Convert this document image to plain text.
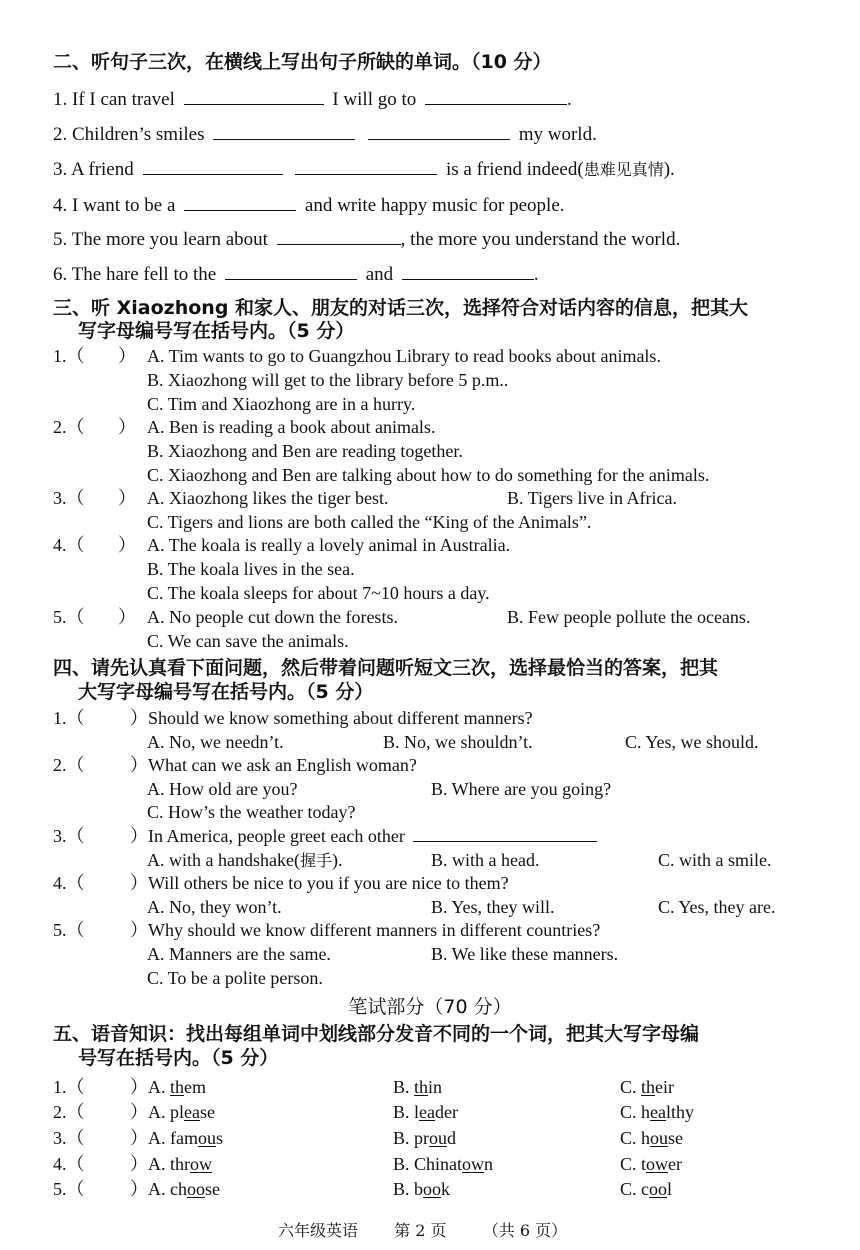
二、听句子三次，在横线上写出句子所缺的单词。（10 分）
1. If I can travel	I will go to	.
2. Children’s smiles	my world.
3. A friend	is a friend indeed(患难见真情).
4. I want to be a	and write happy music for people.
5. The more you learn about	, the more you understand the world.
6. The hare fell to the	and	.
三、听 Xiaozhong 和家人、朋友的对话三次，选择符合对话内容的信息，把其大
写字母编号写在括号内。（5 分）
1.（ ） A. Tim wants to go to Guangzhou Library to read books about animals.
B. Xiaozhong will get to the library before 5 p.m..
C. Tim and Xiaozhong are in a hurry.
2.（ ） A. Ben is reading a book about animals.
B. Xiaozhong and Ben are reading together.
C. Xiaozhong and Ben are talking about how to do something for the animals.
3.（ ） A. Xiaozhong likes the tiger best.	B. Tigers live in Africa.
C. Tigers and lions are both called the “King of the Animals”.
4.（ ） A. The koala is really a lovely animal in Australia.
B. The koala lives in the sea.
C. The koala sleeps for about 7~10 hours a day.
5.（ ） A. No people cut down the forests.	B. Few people pollute the oceans.
C. We can save the animals.
四、请先认真看下面问题，然后带着问题听短文三次，选择最恰当的答案，把其
大写字母编号写在括号内。（5 分）
1.（	） Should we know something about different manners?
A. No, we needn’t.	B. No, we shouldn’t.	C. Yes, we should.
2.（	） What can we ask an English woman?
A. How old are you?	B. Where are you going?
C. How’s the weather today?
3.（	） In America, people greet each other
A. with a handshake(握手).	B. with a head.	C. with a smile.
4.（	） Will others be nice to you if you are nice to them?
A. No, they won’t.	B. Yes, they will.	C. Yes, they are.
5.（	） Why should we know different manners in different countries?
A. Manners are the same.	B. We like these manners.
C. To be a polite person.
笔试部分（70 分）
五、语音知识：找出每组单词中划线部分发音不同的一个词，把其大写字母编
号写在括号内。（5 分）
1.（	） A. them	B. thin	C. their
2.（	） A. please	B. leader	C. healthy
3.（	） A. famous	B. proud	C. house
4.（	） A. throw	B. Chinatown	C. tower
5.（	） A. choose	B. book	C. cool
六年级英语 第 2 页 （共 6 页）
